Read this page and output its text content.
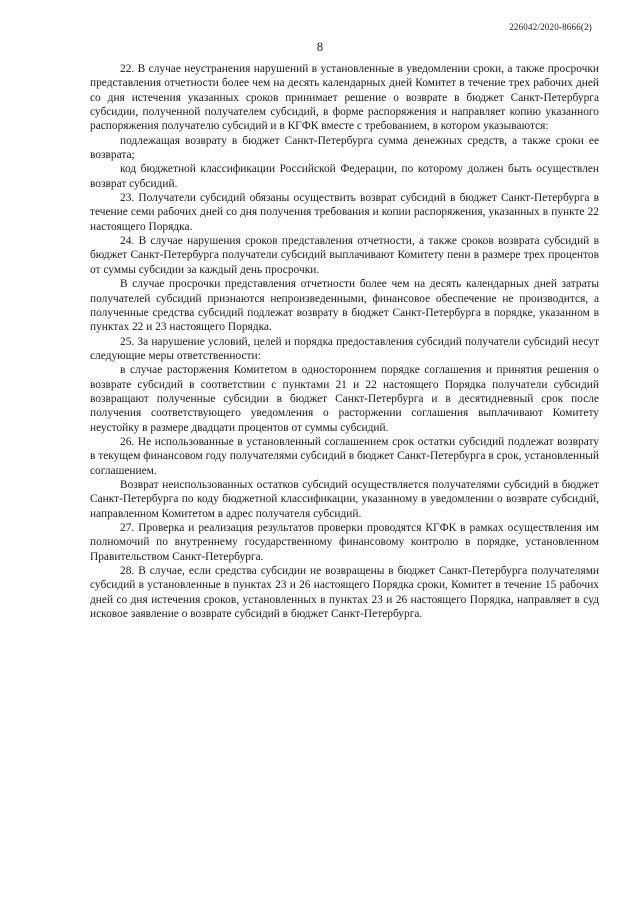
226042/2020-8666(2)
8

22. В случае неустранения нарушений в установленные в уведомлении сроки, а также просрочки представления отчетности более чем на десять календарных дней Комитет в течение трех рабочих дней со дня истечения указанных сроков принимает решение о возврате в бюджет Санкт-Петербурга субсидии, полученной получателем субсидий, в форме распоряжения и направляет копию указанного распоряжения получателю субсидий и в КГФК вместе с требованием, в котором указываются:

подлежащая возврату в бюджет Санкт-Петербурга сумма денежных средств, а также сроки ее возврата;

код бюджетной классификации Российской Федерации, по которому должен быть осуществлен возврат субсидий.

23. Получатели субсидий обязаны осуществить возврат субсидий в бюджет Санкт-Петербурга в течение семи рабочих дней со дня получения требования и копии распоряжения, указанных в пункте 22 настоящего Порядка.

24. В случае нарушения сроков представления отчетности, а также сроков возврата субсидий в бюджет Санкт-Петербурга получатели субсидий выплачивают Комитету пени в размере трех процентов от суммы субсидии за каждый день просрочки.

В случае просрочки представления отчетности более чем на десять календарных дней затраты получателей субсидий признаются непроизведенными, финансовое обеспечение не производится, а полученные средства субсидий подлежат возврату в бюджет Санкт-Петербурга в порядке, указанном в пунктах 22 и 23 настоящего Порядка.

25. За нарушение условий, целей и порядка предоставления субсидий получатели субсидий несут следующие меры ответственности:

в случае расторжения Комитетом в одностороннем порядке соглашения и принятия решения о возврате субсидий в соответствии с пунктами 21 и 22 настоящего Порядка получатели субсидий возвращают полученные субсидии в бюджет Санкт-Петербурга и в десятидневный срок после получения соответствующего уведомления о расторжении соглашения выплачивают Комитету неустойку в размере двадцати процентов от суммы субсидий.

26. Не использованные в установленный соглашением срок остатки субсидий подлежат возврату в текущем финансовом году получателями субсидий в бюджет Санкт-Петербурга в срок, установленный соглашением.

Возврат неиспользованных остатков субсидий осуществляется получателями субсидий в бюджет Санкт-Петербурга по коду бюджетной классификации, указанному в уведомлении о возврате субсидий, направленном Комитетом в адрес получателя субсидий.

27. Проверка и реализация результатов проверки проводятся КГФК в рамках осуществления им полномочий по внутреннему государственному финансовому контролю в порядке, установленном Правительством Санкт-Петербурга.

28. В случае, если средства субсидии не возвращены в бюджет Санкт-Петербурга получателями субсидий в установленные в пунктах 23 и 26 настоящего Порядка сроки, Комитет в течение 15 рабочих дней со дня истечения сроков, установленных в пунктах 23 и 26 настоящего Порядка, направляет в суд исковое заявление о возврате субсидий в бюджет Санкт-Петербурга.
